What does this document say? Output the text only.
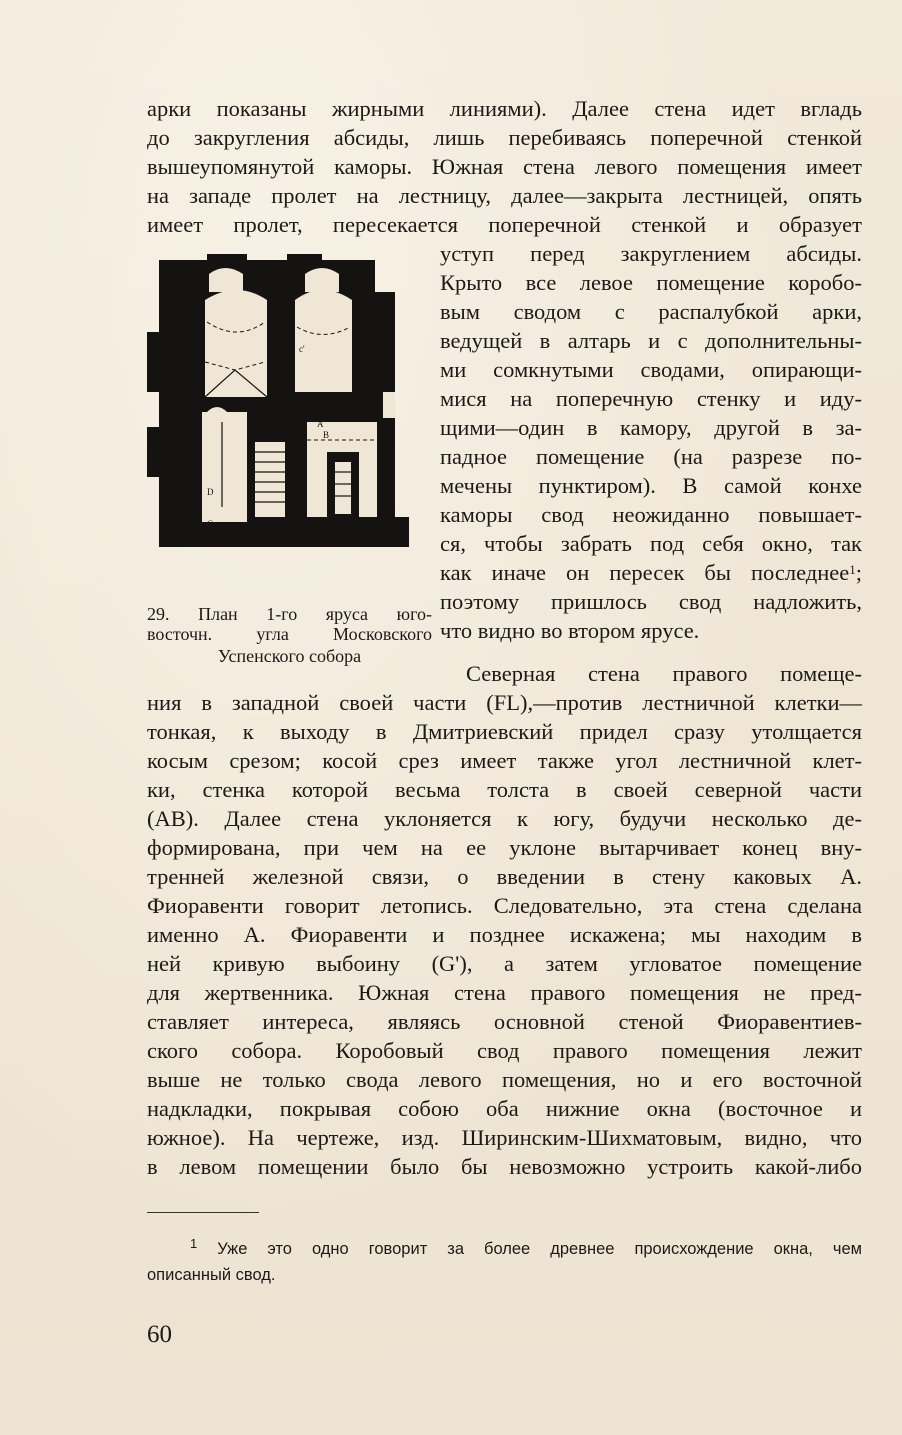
арки показаны жирными линиями). Далее стена идет вгладь
до закругления абсиды, лишь перебиваясь поперечной стенкой
вышеупомянутой каморы. Южная стена левого помещения имеет
на западе пролет на лестницу, далее—закрыта лестницей, опять
имеет пролет, пересекается поперечной стенкой и образует
c	c'
A
B
D
L
C
уступ перед закруглением абсиды.
Крыто все левое помещение коробо-
вым сводом с распалубкой арки,
ведущей в алтарь и с дополнительны-
ми сомкнутыми сводами, опирающи-
мися на поперечную стенку и иду-
щими—один в камору, другой в за-
падное помещение (на разрезе по-
мечены пунктиром). В самой конхе
каморы свод неожиданно повышает-
ся, чтобы забрать под себя окно, так
как иначе он пересек бы последнее$^1$;
поэтому пришлось свод надложить,
что видно во втором ярусе.
29. План 1-го яруса юго-
восточн. угла Московского
Успенского собора
Северная стена правого помеще-
ния в западной своей части (FL),—против лестничной клетки—
тонкая, к выходу в Дмитриевский придел сразу утолщается
косым срезом; косой срез имеет также угол лестничной клет-
ки, стенка которой весьма толста в своей северной части
(AB). Далее стена уклоняется к югу, будучи несколько де-
формирована, при чем на ее уклоне вытарчивает конец вну-
тренней железной связи, о введении в стену каковых А.
Фиоравенти говорит летопись. Следовательно, эта стена сделана
именно А. Фиоравенти и позднее искажена; мы находим в
ней кривую выбоину (G'), а затем угловатое помещение
для жертвенника. Южная стена правого помещения не пред-
ставляет интереса, являясь основной стеной Фиоравентиев-
ского собора. Коробовый свод правого помещения лежит
выше не только свода левого помещения, но и его восточной
надкладки, покрывая собою оба нижние окна (восточное и
южное). На чертеже, изд. Ширинским-Шихматовым, видно, что
в левом помещении было бы невозможно устроить какой-либо
$^1$ Уже это одно говорит за более древнее происхождение окна, чем
описанный свод.
60
